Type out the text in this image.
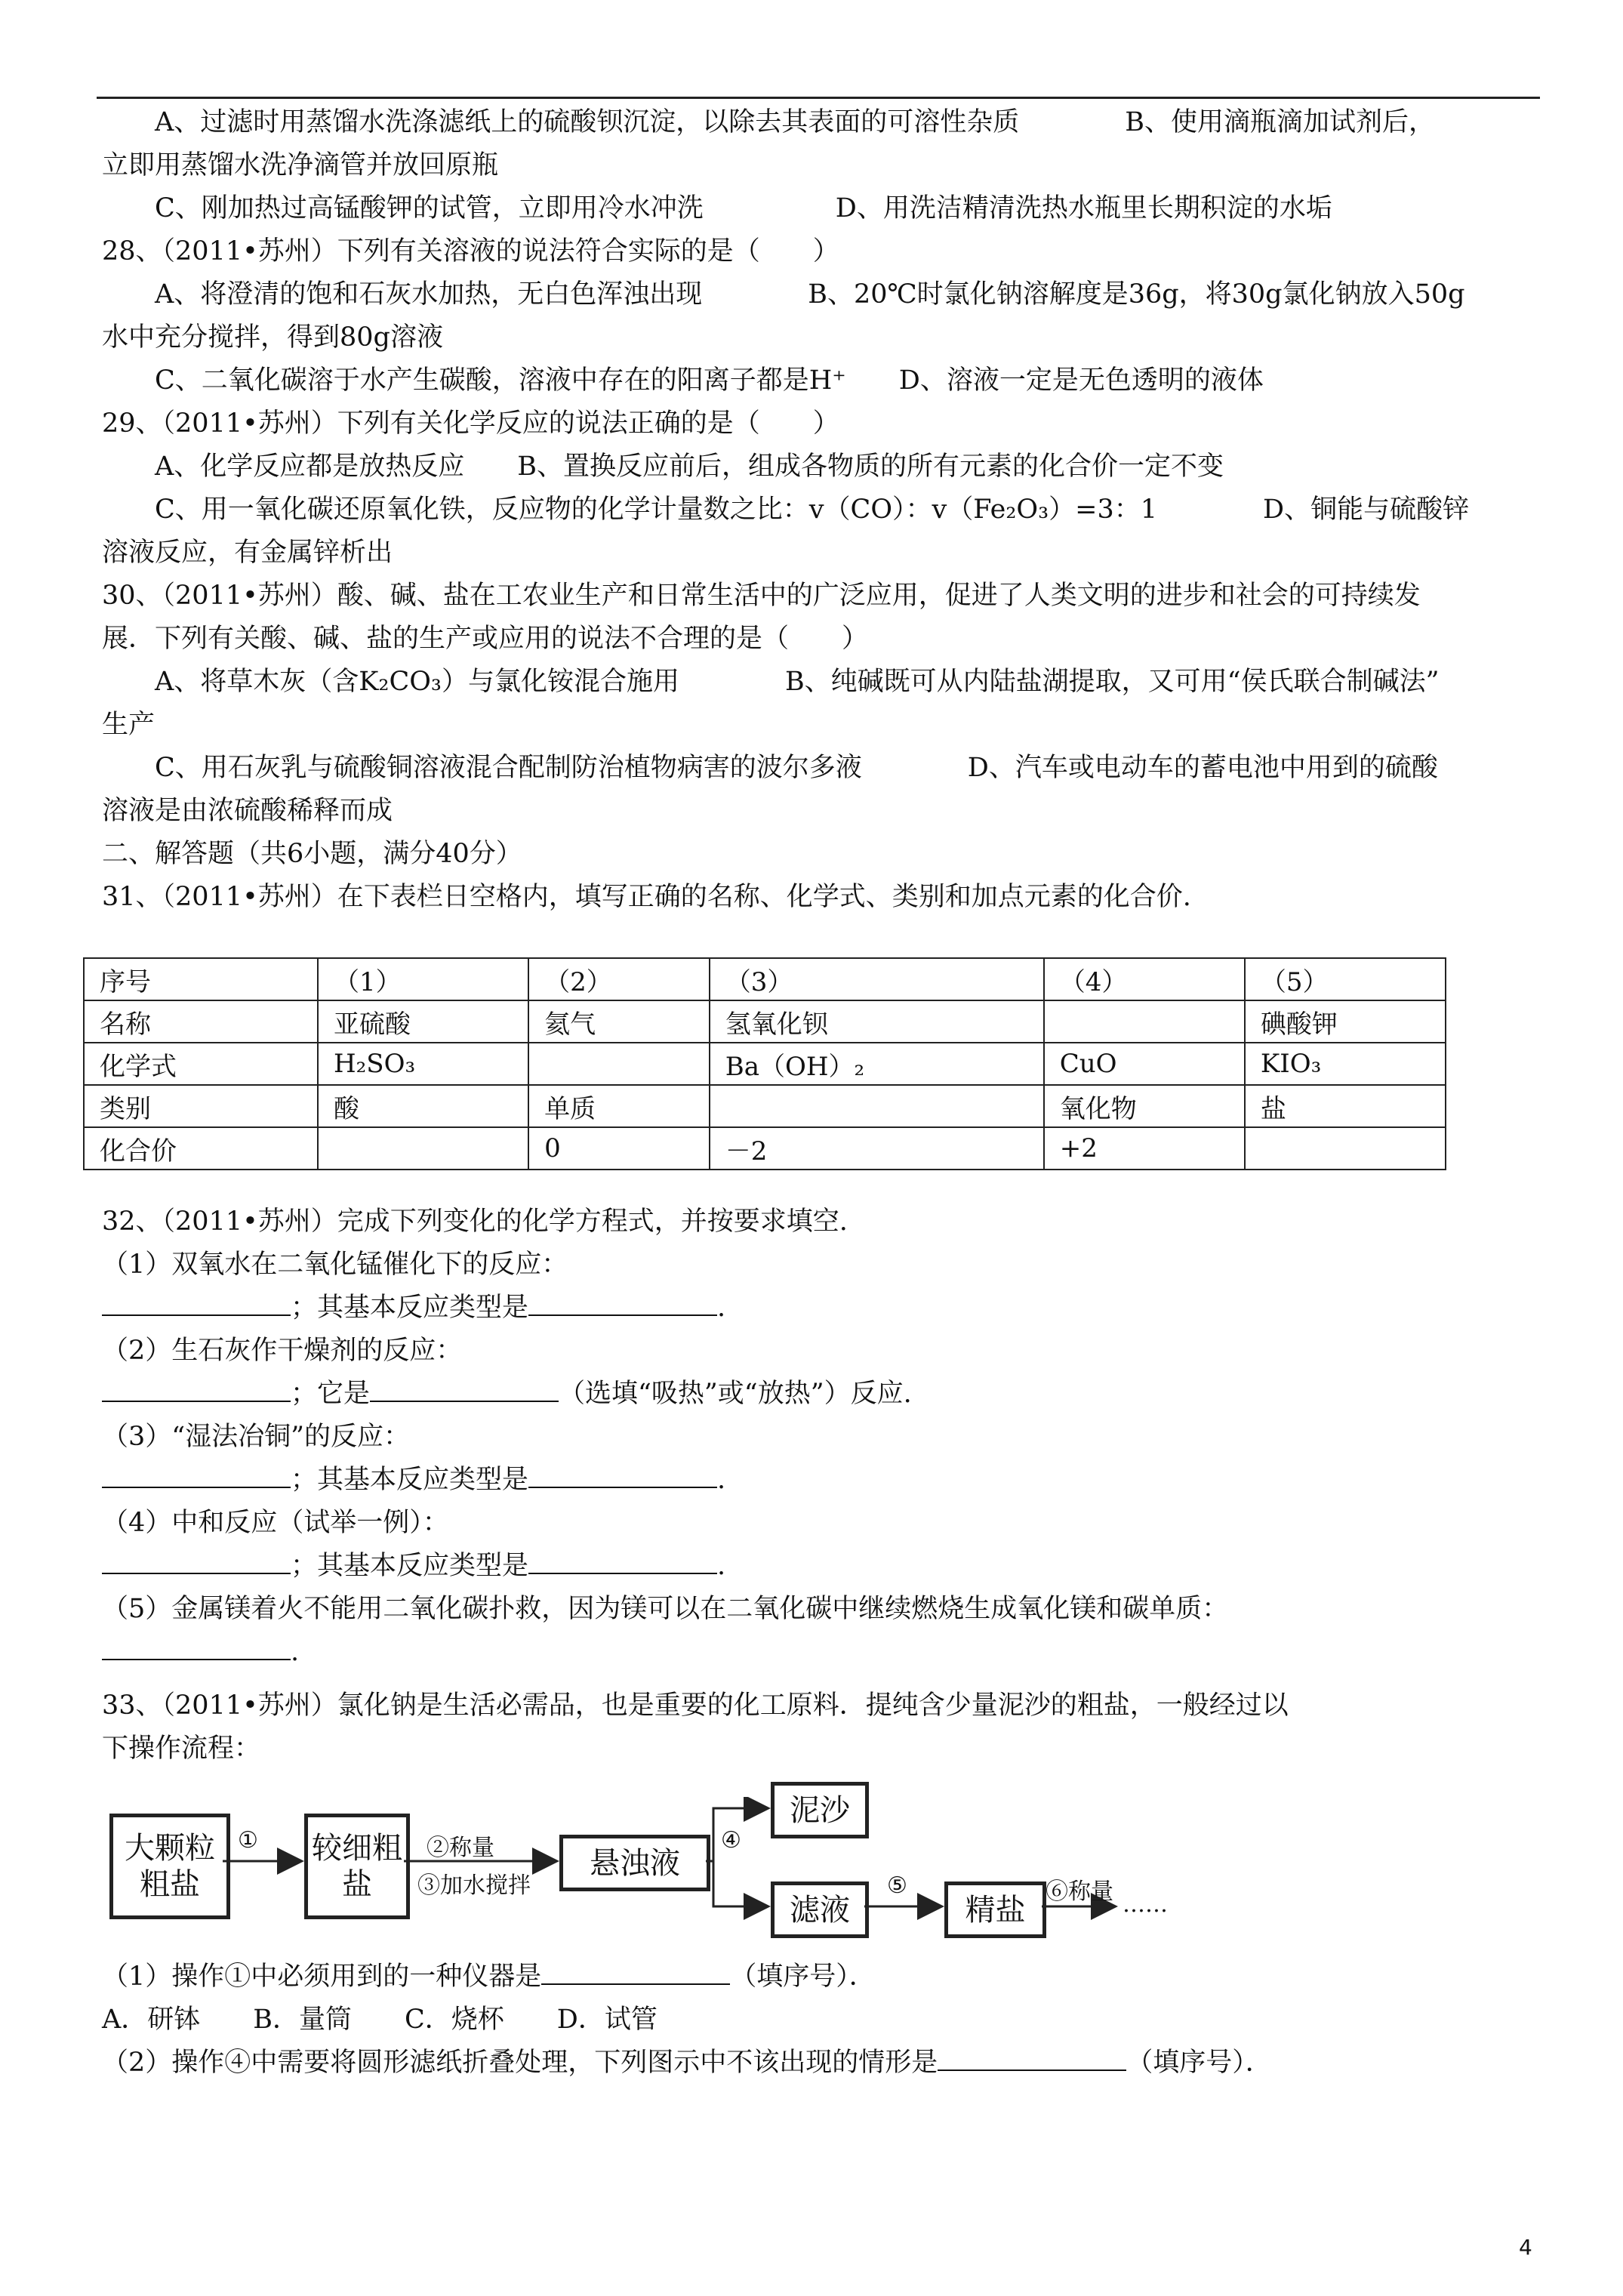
A、过滤时用蒸馏水洗涤滤纸上的硫酸钡沉淀，以除去其表面的可溶性杂质　　　　B、使用滴瓶滴加试剂后，
立即用蒸馏水洗净滴管并放回原瓶
C、刚加热过高锰酸钾的试管，立即用冷水冲洗　　　　　D、用洗洁精清洗热水瓶里长期积淀的水垢
28、（2011•苏州）下列有关溶液的说法符合实际的是（　　）
A、将澄清的饱和石灰水加热，无白色浑浊出现　　　　B、20℃时氯化钠溶解度是36g，将30g氯化钠放入50g
水中充分搅拌，得到80g溶液
C、二氧化碳溶于水产生碳酸，溶液中存在的阳离子都是H⁺　　D、溶液一定是无色透明的液体
29、（2011•苏州）下列有关化学反应的说法正确的是（　　）
A、化学反应都是放热反应　　B、置换反应前后，组成各物质的所有元素的化合价一定不变
C、用一氧化碳还原氧化铁，反应物的化学计量数之比：v（CO）：v（Fe₂O₃）=3：1　　　　D、铜能与硫酸锌
溶液反应，有金属锌析出
30、（2011•苏州）酸、碱、盐在工农业生产和日常生活中的广泛应用，促进了人类文明的进步和社会的可持续发
展．下列有关酸、碱、盐的生产或应用的说法不合理的是（　　）
A、将草木灰（含K₂CO₃）与氯化铵混合施用　　　　B、纯碱既可从内陆盐湖提取，又可用“侯氏联合制碱法”
生产
C、用石灰乳与硫酸铜溶液混合配制防治植物病害的波尔多液　　　　D、汽车或电动车的蓄电池中用到的硫酸
溶液是由浓硫酸稀释而成
二、解答题（共6小题，满分40分）
31、（2011•苏州）在下表栏日空格内，填写正确的名称、化学式、类别和加点元素的化合价.
序号	（1）	（2）	（3）	（4）	（5）
名称	亚硫酸	氦气	氢氧化钡		碘酸钾
化学式	H₂SO₃		Ba（OH）₂	CuO	KIO₃
类别	酸	单质		氧化物	盐
化合价		0	－2	+2	
32、（2011•苏州）完成下列变化的化学方程式，并按要求填空.
（1）双氧水在二氧化锰催化下的反应：
；其基本反应类型是	.
（2）生石灰作干燥剂的反应：
；它是	（选填“吸热”或“放热”）反应.
（3）“湿法冶铜”的反应：
；其基本反应类型是	.
（4）中和反应（试举一例）：
；其基本反应类型是	.
（5）金属镁着火不能用二氧化碳扑救，因为镁可以在二氧化碳中继续燃烧生成氧化镁和碳单质：
.
33、（2011•苏州）氯化钠是生活必需品，也是重要的化工原料．提纯含少量泥沙的粗盐，一般经过以
下操作流程：
大颗粒粗盐
较细粗盐
悬浊液
泥沙
滤液	精盐
①	②称量
③加水搅拌
④
⑤	⑥称量 ……
（1）操作①中必须用到的一种仪器是	（填序号）．
A．研钵　　B．量筒　　C．烧杯　　D．试管
（2）操作④中需要将圆形滤纸折叠处理，下列图示中不该出现的情形是	（填序号）．
4
